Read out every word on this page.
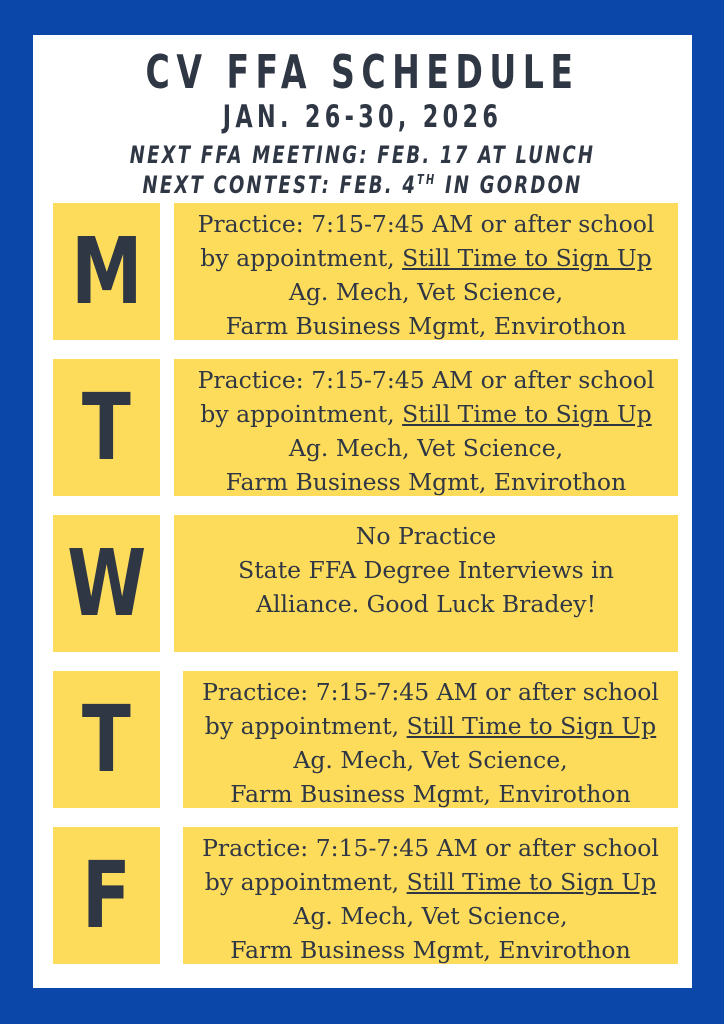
CV FFA SCHEDULE
JAN. 26-30, 2026
NEXT FFA MEETING: FEB. 17 AT LUNCH
NEXT CONTEST: FEB. 4TH IN GORDON
M Practice: 7:15-7:45 AM or after school
by appointment, Still Time to Sign Up
Ag. Mech, Vet Science,
Farm Business Mgmt, Envirothon
T	Practice: 7:15-7:45 AM or after school
by appointment, Still Time to Sign Up
Ag. Mech, Vet Science,
Farm Business Mgmt, Envirothon
W	No Practice
State FFA Degree Interviews in
Alliance. Good Luck Bradey!
T	Practice: 7:15-7:45 AM or after school
by appointment, Still Time to Sign Up
Ag. Mech, Vet Science,
Farm Business Mgmt, Envirothon
F	Practice: 7:15-7:45 AM or after school
by appointment, Still Time to Sign Up
Ag. Mech, Vet Science,
Farm Business Mgmt, Envirothon
